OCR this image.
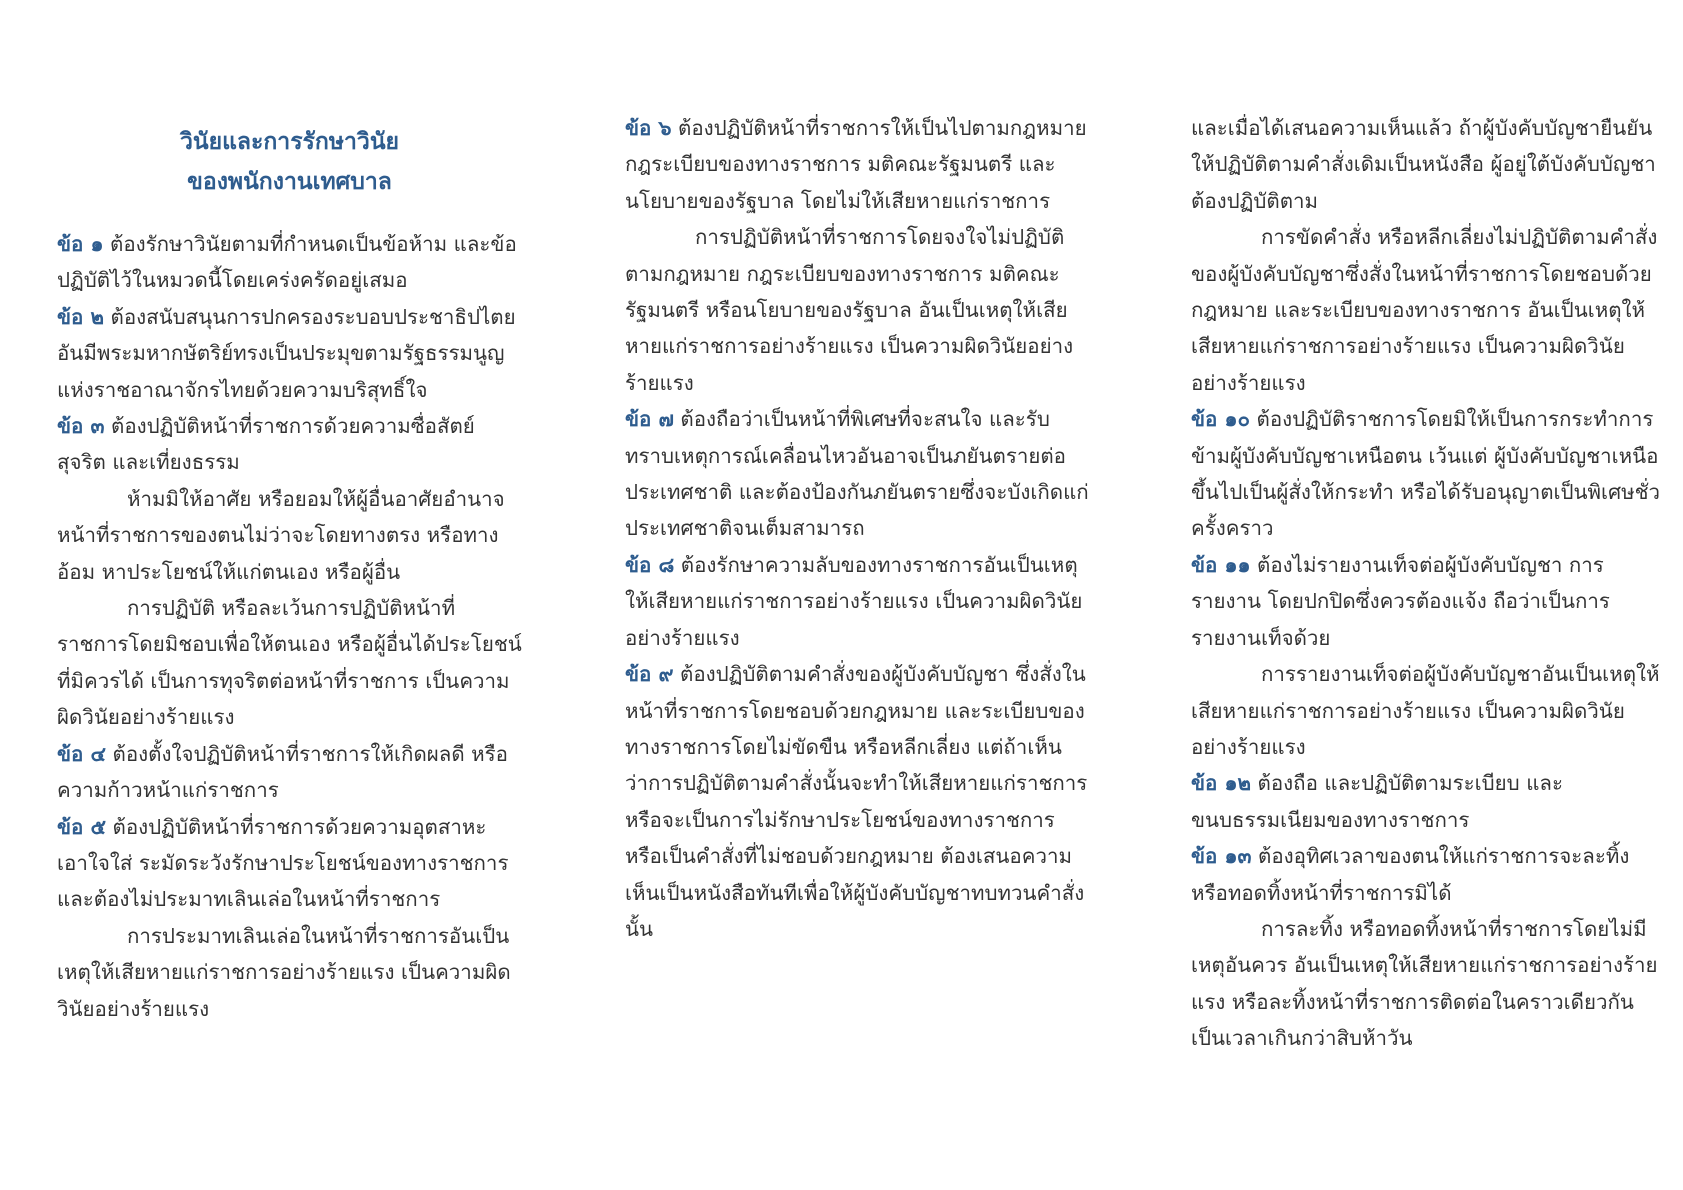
วินัยและการรักษาวินัย
ของพนักงานเทศบาล

ข้อ ๑ ต้องรักษาวินัยตามที่กำหนดเป็นข้อห้าม และข้อปฏิบัติไว้ในหมวดนี้โดยเคร่งครัดอยู่เสมอ

ข้อ ๒ ต้องสนับสนุนการปกครองระบอบประชาธิปไตยอันมีพระมหากษัตริย์ทรงเป็นประมุขตามรัฐธรรมนูญแห่งราชอาณาจักรไทยด้วยความบริสุทธิ์ใจ

ข้อ ๓ ต้องปฏิบัติหน้าที่ราชการด้วยความซื่อสัตย์สุจริต และเที่ยงธรรม

ห้ามมิให้อาศัย หรือยอมให้ผู้อื่นอาศัยอำนาจหน้าที่ราชการของตนไม่ว่าจะโดยทางตรง หรือทางอ้อม หาประโยชน์ให้แก่ตนเอง หรือผู้อื่น

การปฏิบัติ หรือละเว้นการปฏิบัติหน้าที่ราชการโดยมิชอบเพื่อให้ตนเอง หรือผู้อื่นได้ประโยชน์ที่มิควรได้ เป็นการทุจริตต่อหน้าที่ราชการ เป็นความผิดวินัยอย่างร้ายแรง

ข้อ ๔ ต้องตั้งใจปฏิบัติหน้าที่ราชการให้เกิดผลดี หรือความก้าวหน้าแก่ราชการ

ข้อ ๕ ต้องปฏิบัติหน้าที่ราชการด้วยความอุตสาหะ เอาใจใส่ ระมัดระวังรักษาประโยชน์ของทางราชการ และต้องไม่ประมาทเลินเล่อในหน้าที่ราชการ

การประมาทเลินเล่อในหน้าที่ราชการอันเป็นเหตุให้เสียหายแก่ราชการอย่างร้ายแรง เป็นความผิดวินัยอย่างร้ายแรง

ข้อ ๖ ต้องปฏิบัติหน้าที่ราชการให้เป็นไปตามกฎหมาย กฎระเบียบของทางราชการ มติคณะรัฐมนตรี และนโยบายของรัฐบาล โดยไม่ให้เสียหายแก่ราชการ

การปฏิบัติหน้าที่ราชการโดยจงใจไม่ปฏิบัติตามกฎหมาย กฎระเบียบของทางราชการ มติคณะรัฐมนตรี หรือนโยบายของรัฐบาล อันเป็นเหตุให้เสียหายแก่ราชการอย่างร้ายแรง เป็นความผิดวินัยอย่างร้ายแรง

ข้อ ๗ ต้องถือว่าเป็นหน้าที่พิเศษที่จะสนใจ และรับทราบเหตุการณ์เคลื่อนไหวอันอาจเป็นภยันตรายต่อประเทศชาติ และต้องป้องกันภยันตรายซึ่งจะบังเกิดแก่ประเทศชาติจนเต็มสามารถ

ข้อ ๘ ต้องรักษาความลับของทางราชการอันเป็นเหตุให้เสียหายแก่ราชการอย่างร้ายแรง เป็นความผิดวินัยอย่างร้ายแรง

ข้อ ๙ ต้องปฏิบัติตามคำสั่งของผู้บังคับบัญชา ซึ่งสั่งในหน้าที่ราชการโดยชอบด้วยกฎหมาย และระเบียบของทางราชการโดยไม่ขัดขืน หรือหลีกเลี่ยง แต่ถ้าเห็นว่าการปฏิบัติตามคำสั่งนั้นจะทำให้เสียหายแก่ราชการ หรือจะเป็นการไม่รักษาประโยชน์ของทางราชการ หรือเป็นคำสั่งที่ไม่ชอบด้วยกฎหมาย ต้องเสนอความเห็นเป็นหนังสือทันทีเพื่อให้ผู้บังคับบัญชาทบทวนคำสั่งนั้น

และเมื่อได้เสนอความเห็นแล้ว ถ้าผู้บังคับบัญชายืนยันให้ปฏิบัติตามคำสั่งเดิมเป็นหนังสือ ผู้อยู่ใต้บังคับบัญชาต้องปฏิบัติตาม

การขัดคำสั่ง หรือหลีกเลี่ยงไม่ปฏิบัติตามคำสั่งของผู้บังคับบัญชาซึ่งสั่งในหน้าที่ราชการโดยชอบด้วยกฎหมาย และระเบียบของทางราชการ อันเป็นเหตุให้เสียหายแก่ราชการอย่างร้ายแรง เป็นความผิดวินัยอย่างร้ายแรง

ข้อ ๑๐ ต้องปฏิบัติราชการโดยมิให้เป็นการกระทำการข้ามผู้บังคับบัญชาเหนือตน เว้นแต่ ผู้บังคับบัญชาเหนือขึ้นไปเป็นผู้สั่งให้กระทำ หรือได้รับอนุญาตเป็นพิเศษชั่วครั้งคราว

ข้อ ๑๑ ต้องไม่รายงานเท็จต่อผู้บังคับบัญชา การรายงาน โดยปกปิดซึ่งควรต้องแจ้ง ถือว่าเป็นการรายงานเท็จด้วย

การรายงานเท็จต่อผู้บังคับบัญชาอันเป็นเหตุให้เสียหายแก่ราชการอย่างร้ายแรง เป็นความผิดวินัยอย่างร้ายแรง

ข้อ ๑๒ ต้องถือ และปฏิบัติตามระเบียบ และขนบธรรมเนียมของทางราชการ

ข้อ ๑๓ ต้องอุทิศเวลาของตนให้แก่ราชการจะละทิ้ง หรือทอดทิ้งหน้าที่ราชการมิได้

การละทิ้ง หรือทอดทิ้งหน้าที่ราชการโดยไม่มีเหตุอันควร อันเป็นเหตุให้เสียหายแก่ราชการอย่างร้ายแรง หรือละทิ้งหน้าที่ราชการติดต่อในคราวเดียวกันเป็นเวลาเกินกว่าสิบห้าวัน
